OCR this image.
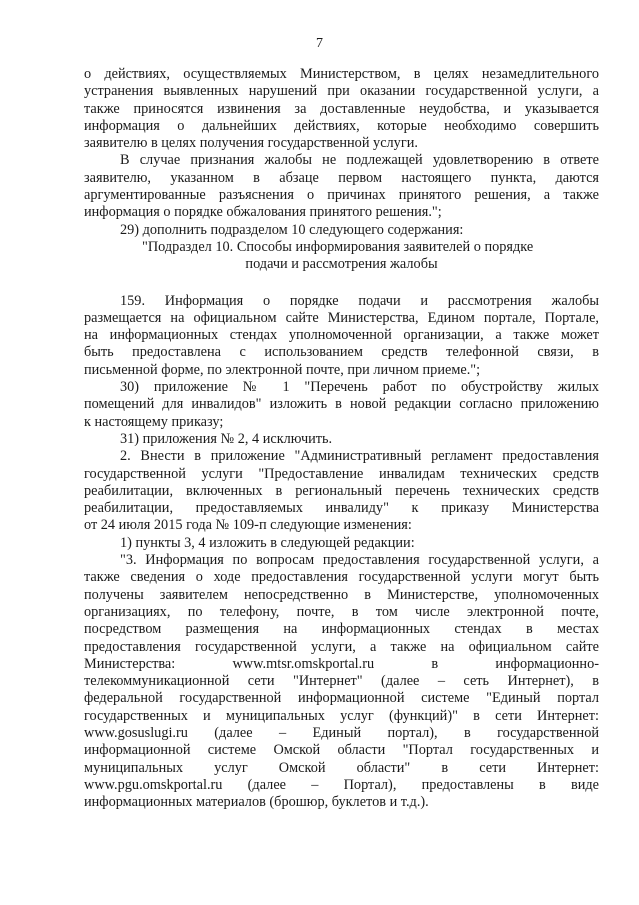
7
о действиях, осуществляемых Министерством, в целях незамедлительного
устранения выявленных нарушений при оказании государственной услуги, а
также приносятся извинения за доставленные неудобства, и указывается
информация о дальнейших действиях, которые необходимо совершить
заявителю в целях получения государственной услуги.
В случае признания жалобы не подлежащей удовлетворению в ответе
заявителю, указанном в абзаце первом настоящего пункта, даются
аргументированные разъяснения о причинах принятого решения, а также
информация о порядке обжалования принятого решения.";
29) дополнить подразделом 10 следующего содержания:
"Подраздел 10. Способы информирования заявителей о порядке
подачи и рассмотрения жалобы
159. Информация о порядке подачи и рассмотрения жалобы
размещается на официальном сайте Министерства, Едином портале, Портале,
на информационных стендах уполномоченной организации, а также может
быть предоставлена с использованием средств телефонной связи, в
письменной форме, по электронной почте, при личном приеме.";
30) приложение № 1 "Перечень работ по обустройству жилых
помещений для инвалидов" изложить в новой редакции согласно приложению
к настоящему приказу;
31) приложения № 2, 4 исключить.
2. Внести в приложение "Административный регламент предоставления
государственной услуги "Предоставление инвалидам технических средств
реабилитации, включенных в региональный перечень технических средств
реабилитации, предоставляемых инвалиду" к приказу Министерства
от 24 июля 2015 года № 109-п следующие изменения:
1) пункты 3, 4 изложить в следующей редакции:
"3. Информация по вопросам предоставления государственной услуги, а
также сведения о ходе предоставления государственной услуги могут быть
получены заявителем непосредственно в Министерстве, уполномоченных
организациях, по телефону, почте, в том числе электронной почте,
посредством размещения на информационных стендах в местах
предоставления государственной услуги, а также на официальном сайте
Министерства: www.mtsr.omskportal.ru в информационно-
телекоммуникационной сети "Интернет" (далее – сеть Интернет), в
федеральной государственной информационной системе "Единый портал
государственных и муниципальных услуг (функций)" в сети Интернет:
www.gosuslugi.ru (далее – Единый портал), в государственной
информационной системе Омской области "Портал государственных и
муниципальных услуг Омской области" в сети Интернет:
www.pgu.omskportal.ru (далее – Портал), предоставлены в виде
информационных материалов (брошюр, буклетов и т.д.).
